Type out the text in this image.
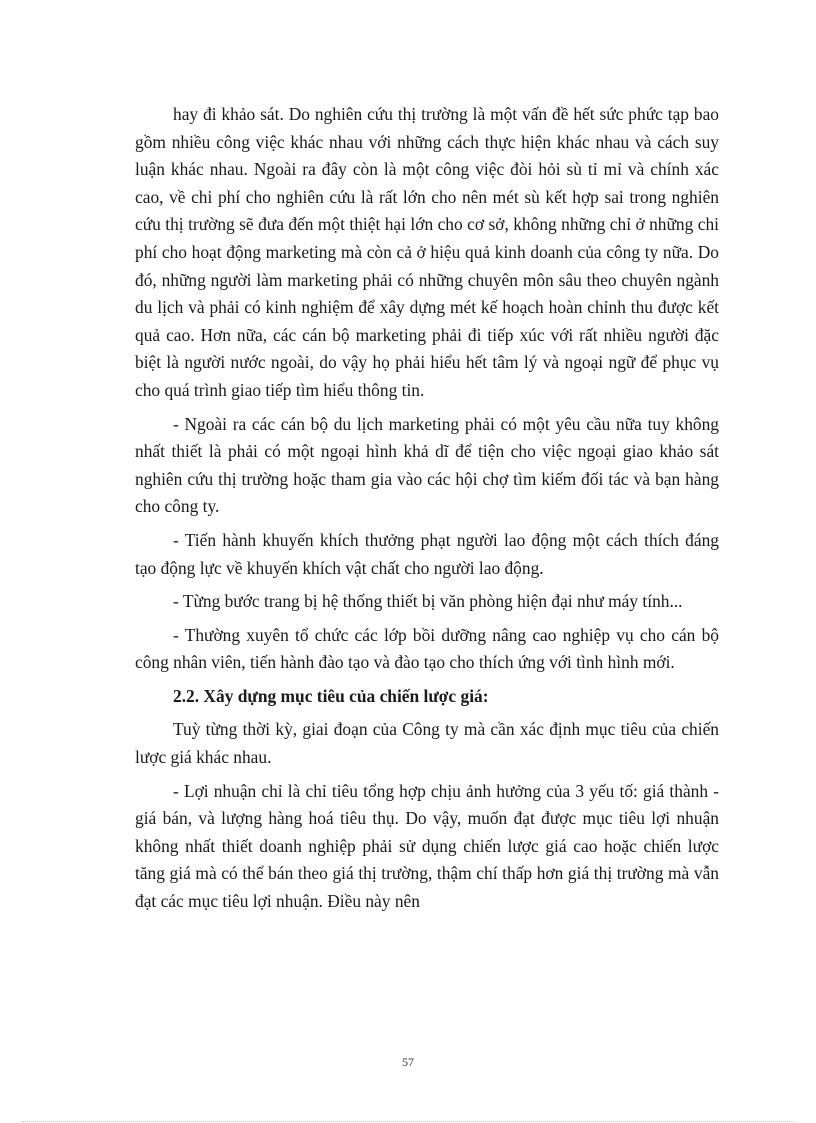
hay đi khảo sát. Do nghiên cứu thị trường là một vấn đề hết sức phức tạp bao gồm nhiều công việc khác nhau với những cách thực hiện khác nhau và cách suy luận khác nhau. Ngoài ra đây còn là một công việc đòi hỏi sù tỉ mỉ và chính xác cao, về chi phí cho nghiên cứu là rất lớn cho nên mét sù kết hợp sai trong nghiên cứu thị trường sẽ đưa đến một thiệt hại lớn cho cơ sở, không những chỉ ở những chi phí cho hoạt động marketing mà còn cả ở hiệu quả kinh doanh của công ty nữa. Do đó, những người làm marketing phải có những chuyên môn sâu theo chuyên ngành du lịch và phải có kinh nghiệm để xây dựng mét kế hoạch hoàn chỉnh thu được kết quả cao. Hơn nữa, các cán bộ marketing phải đi tiếp xúc với rất nhiều người đặc biệt là người nước ngoài, do vậy họ phải hiểu hết tâm lý và ngoại ngữ để phục vụ cho quá trình giao tiếp tìm hiểu thông tin.

- Ngoài ra các cán bộ du lịch marketing phải có một yêu cầu nữa tuy không nhất thiết là phải có một ngoại hình khả dĩ để tiện cho việc ngoại giao khảo sát nghiên cứu thị trường hoặc tham gia vào các hội chợ tìm kiếm đối tác và bạn hàng cho công ty.

- Tiến hành khuyến khích thưởng phạt người lao động một cách thích đáng tạo động lực về khuyến khích vật chất cho người lao động.

- Từng bước trang bị hệ thống thiết bị văn phòng hiện đại như máy tính...

- Thường xuyên tổ chức các lớp bồi dưỡng nâng cao nghiệp vụ cho cán bộ công nhân viên, tiến hành đào tạo và đào tạo cho thích ứng với tình hình mới.

2.2. Xây dựng mục tiêu của chiến lược giá:

Tuỳ từng thời kỳ, giai đoạn của Công ty mà cần xác định mục tiêu của chiến lược giá khác nhau.

- Lợi nhuận chỉ là chỉ tiêu tổng hợp chịu ảnh hưởng của 3 yếu tố: giá thành - giá bán, và lượng hàng hoá tiêu thụ. Do vậy, muốn đạt được mục tiêu lợi nhuận không nhất thiết doanh nghiệp phải sử dụng chiến lược giá cao hoặc chiến lược tăng giá mà có thể bán theo giá thị trường, thậm chí thấp hơn giá thị trường mà vẫn đạt các mục tiêu lợi nhuận. Điều này nên

57
